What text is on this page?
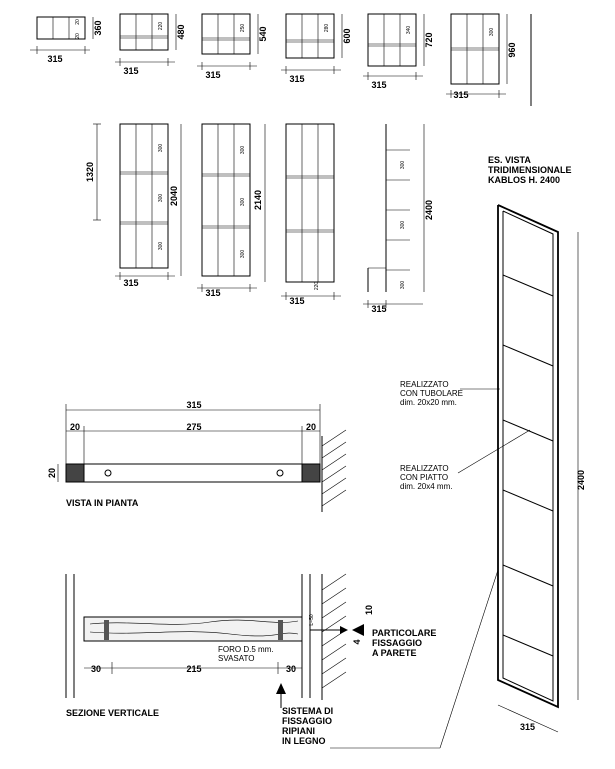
315
360
20
20
315
480
220
315
540
250
315
600
280
315
720
340
315
960
300
1320
315
300
300
300
2040
315
300
300
300
2140
315
220
2400
315
300
300
300
ES. VISTA
TRIDIMENSIONALE
KABLOS H. 2400
2400
315
REALIZZATO
CON TUBOLARE
dim. 20x20 mm.
REALIZZATO
CON PIATTO
dim. 20x4 mm.
315
20	275	20
20
VISTA IN PIANTA
30	215	30
FORO D.5 mm.
SVASATO
L=50
10
4
PARTICOLARE
FISSAGGIO
A PARETE
SISTEMA DI
FISSAGGIO
RIPIANI
IN LEGNO
SEZIONE VERTICALE
